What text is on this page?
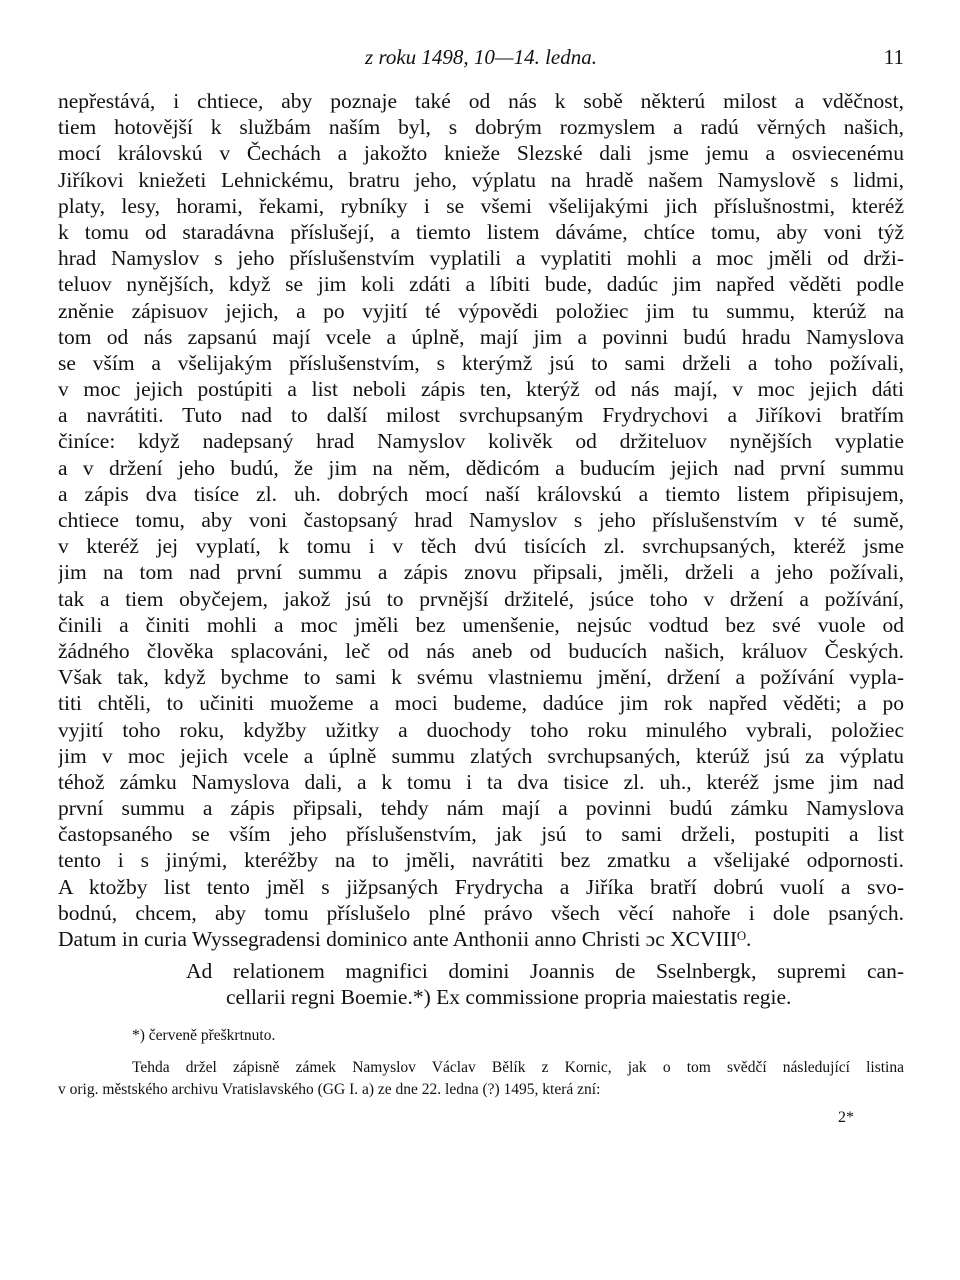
z roku 1498, 10—14. ledna.	11
nepřestává, i chtiece, aby poznaje také od nás k sobě některú milost a vděčnost,
tiem hotovější k službám naším byl, s dobrým rozmyslem a radú věrných našich,
mocí královskú v Čechách a jakožto knieže Slezské dali jsme jemu a osviecenému
Jiříkovi kniežeti Lehnickému, bratru jeho, výplatu na hradě našem Namyslově s lidmi,
platy, lesy, horami, řekami, rybníky i se všemi všelijakými jich příslušnostmi, kteréž
k tomu od staradávna příslušejí, a tiemto listem dáváme, chtíce tomu, aby voni týž
hrad Namyslov s jeho příslušenstvím vyplatili a vyplatiti mohli a moc jměli od drži-
teluov nynějších, když se jim koli zdáti a líbiti bude, dadúc jim napřed věděti podle
zněnie zápisuov jejich, a po vyjití té výpovědi položiec jim tu summu, kterúž na
tom od nás zapsanú mají vcele a úplně, mají jim a povinni budú hradu Namyslova
se vším a všelijakým příslušenstvím, s kterýmž jsú to sami drželi a toho požívali,
v moc jejich postúpiti a list neboli zápis ten, kterýž od nás mají, v moc jejich dáti
a navrátiti. Tuto nad to další milost svrchupsaným Frydrychovi a Jiříkovi bratřím
činíce: když nadepsaný hrad Namyslov kolivěk od držiteluov nynějších vyplatie
a v držení jeho budú, že jim na něm, dědicóm a buducím jejich nad první summu
a zápis dva tisíce zl. uh. dobrých mocí naší královskú a tiemto listem připisujem,
chtiece tomu, aby voni častopsaný hrad Namyslov s jeho příslušenstvím v té sumě,
v kteréž jej vyplatí, k tomu i v těch dvú tisících zl. svrchupsaných, kteréž jsme
jim na tom nad první summu a zápis znovu připsali, jměli, drželi a jeho požívali,
tak a tiem obyčejem, jakož jsú to prvnější držitelé, jsúce toho v držení a požívání,
činili a činiti mohli a moc jměli bez umenšenie, nejsúc vodtud bez své vuole od
žádného člověka splacováni, leč od nás aneb od buducích našich, králuov Českých.
Však tak, když bychme to sami k svému vlastniemu jmění, držení a požívání vypla-
titi chtěli, to učiniti muožeme a moci budeme, dadúce jim rok napřed věděti; a po
vyjití toho roku, kdyžby užitky a duochody toho roku minulého vybrali, položiec
jim v moc jejich vcele a úplně summu zlatých svrchupsaných, kterúž jsú za výplatu
téhož zámku Namyslova dali, a k tomu i ta dva tisice zl. uh., kteréž jsme jim nad
první summu a zápis připsali, tehdy nám mají a povinni budú zámku Namyslova
častopsaného se vším jeho příslušenstvím, jak jsú to sami drželi, postupiti a list
tento i s jinými, kteréžby na to jměli, navrátiti bez zmatku a všelijaké odpornosti.
A ktožby list tento jměl s jižpsaných Frydrycha a Jiříka bratří dobrú vuolí a svo-
bodnú, chcem, aby tomu příslušelo plné právo všech věcí nahoře i dole psaných.
Datum in curia Wyssegradensi dominico ante Anthonii anno Christi ɔc XCVIIIᴼ.
Ad relationem magnifici domini Joannis de Sselnbergk, supremi can-
cellarii regni Boemie.*) Ex commissione propria maiestatis regie.
*) červeně přeškrtnuto.
Tehda držel zápisně zámek Namyslov Václav Bělík z Kornic, jak o tom svědčí následující listina
v orig. městského archivu Vratislavského (GG I. a) ze dne 22. ledna (?) 1495, která zní:
2*
